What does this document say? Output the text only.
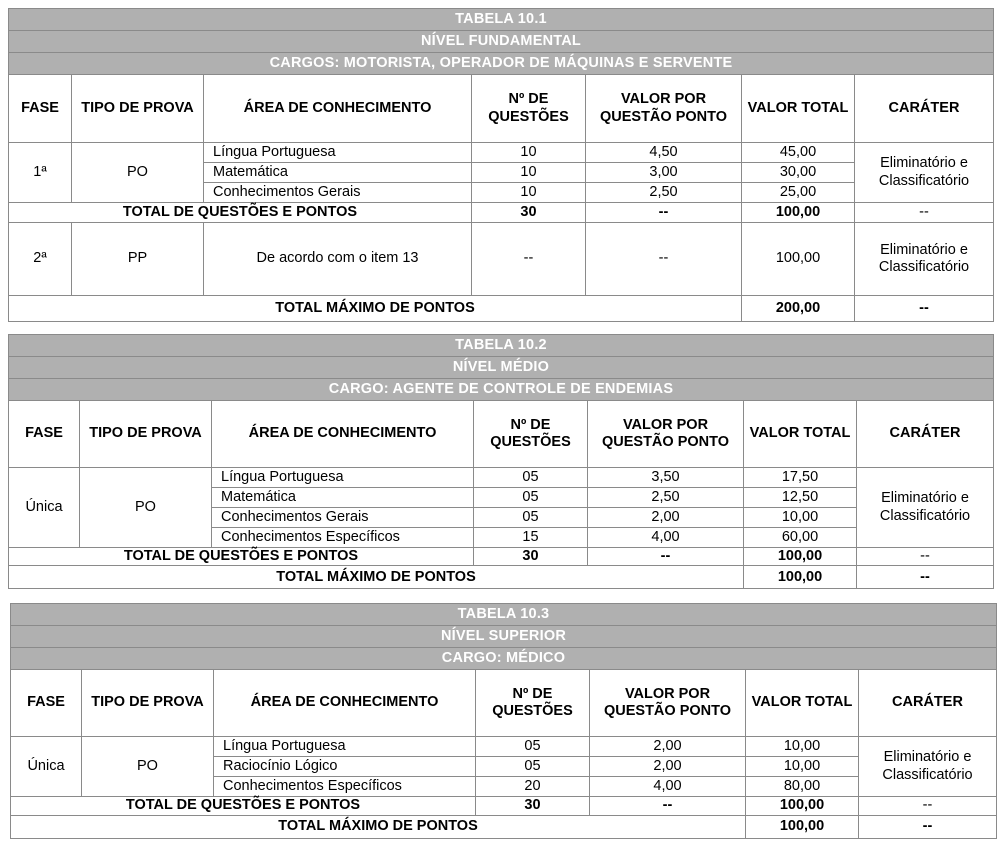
TABELA 10.1						
NÍVEL FUNDAMENTAL						
CARGOS: MOTORISTA, OPERADOR DE MÁQUINAS E SERVENTE						
FASE	TIPO DE PROVA	ÁREA DE CONHECIMENTO	Nº DE QUESTÕES	VALOR POR QUESTÃO PONTO	VALOR TOTAL	CARÁTER
1ª	PO	Língua Portuguesa	10	4,50	45,00	Eliminatório e Classificatório
		Matemática	10	3,00	30,00	
		Conhecimentos Gerais	10	2,50	25,00	
TOTAL DE QUESTÕES E PONTOS			30	--	100,00	--
2ª	PP	De acordo com o item 13	--	--	100,00	Eliminatório e Classificatório
TOTAL MÁXIMO DE PONTOS					200,00	--
TABELA 10.2						
NÍVEL MÉDIO						
CARGO: AGENTE DE CONTROLE DE ENDEMIAS						
FASE	TIPO DE PROVA	ÁREA DE CONHECIMENTO	Nº DE QUESTÕES	VALOR POR QUESTÃO PONTO	VALOR TOTAL	CARÁTER
Única	PO	Língua Portuguesa	05	3,50	17,50	Eliminatório e Classificatório
		Matemática	05	2,50	12,50	
		Conhecimentos Gerais	05	2,00	10,00	
		Conhecimentos Específicos	15	4,00	60,00	
TOTAL DE QUESTÕES E PONTOS			30	--	100,00	--
TOTAL MÁXIMO DE PONTOS					100,00	--
TABELA 10.3						
NÍVEL SUPERIOR						
CARGO: MÉDICO						
FASE	TIPO DE PROVA	ÁREA DE CONHECIMENTO	Nº DE QUESTÕES	VALOR POR QUESTÃO PONTO	VALOR TOTAL	CARÁTER
Única	PO	Língua Portuguesa	05	2,00	10,00	Eliminatório e Classificatório
		Raciocínio Lógico	05	2,00	10,00	
		Conhecimentos Específicos	20	4,00	80,00	
TOTAL DE QUESTÕES E PONTOS			30	--	100,00	--
TOTAL MÁXIMO DE PONTOS					100,00	--
